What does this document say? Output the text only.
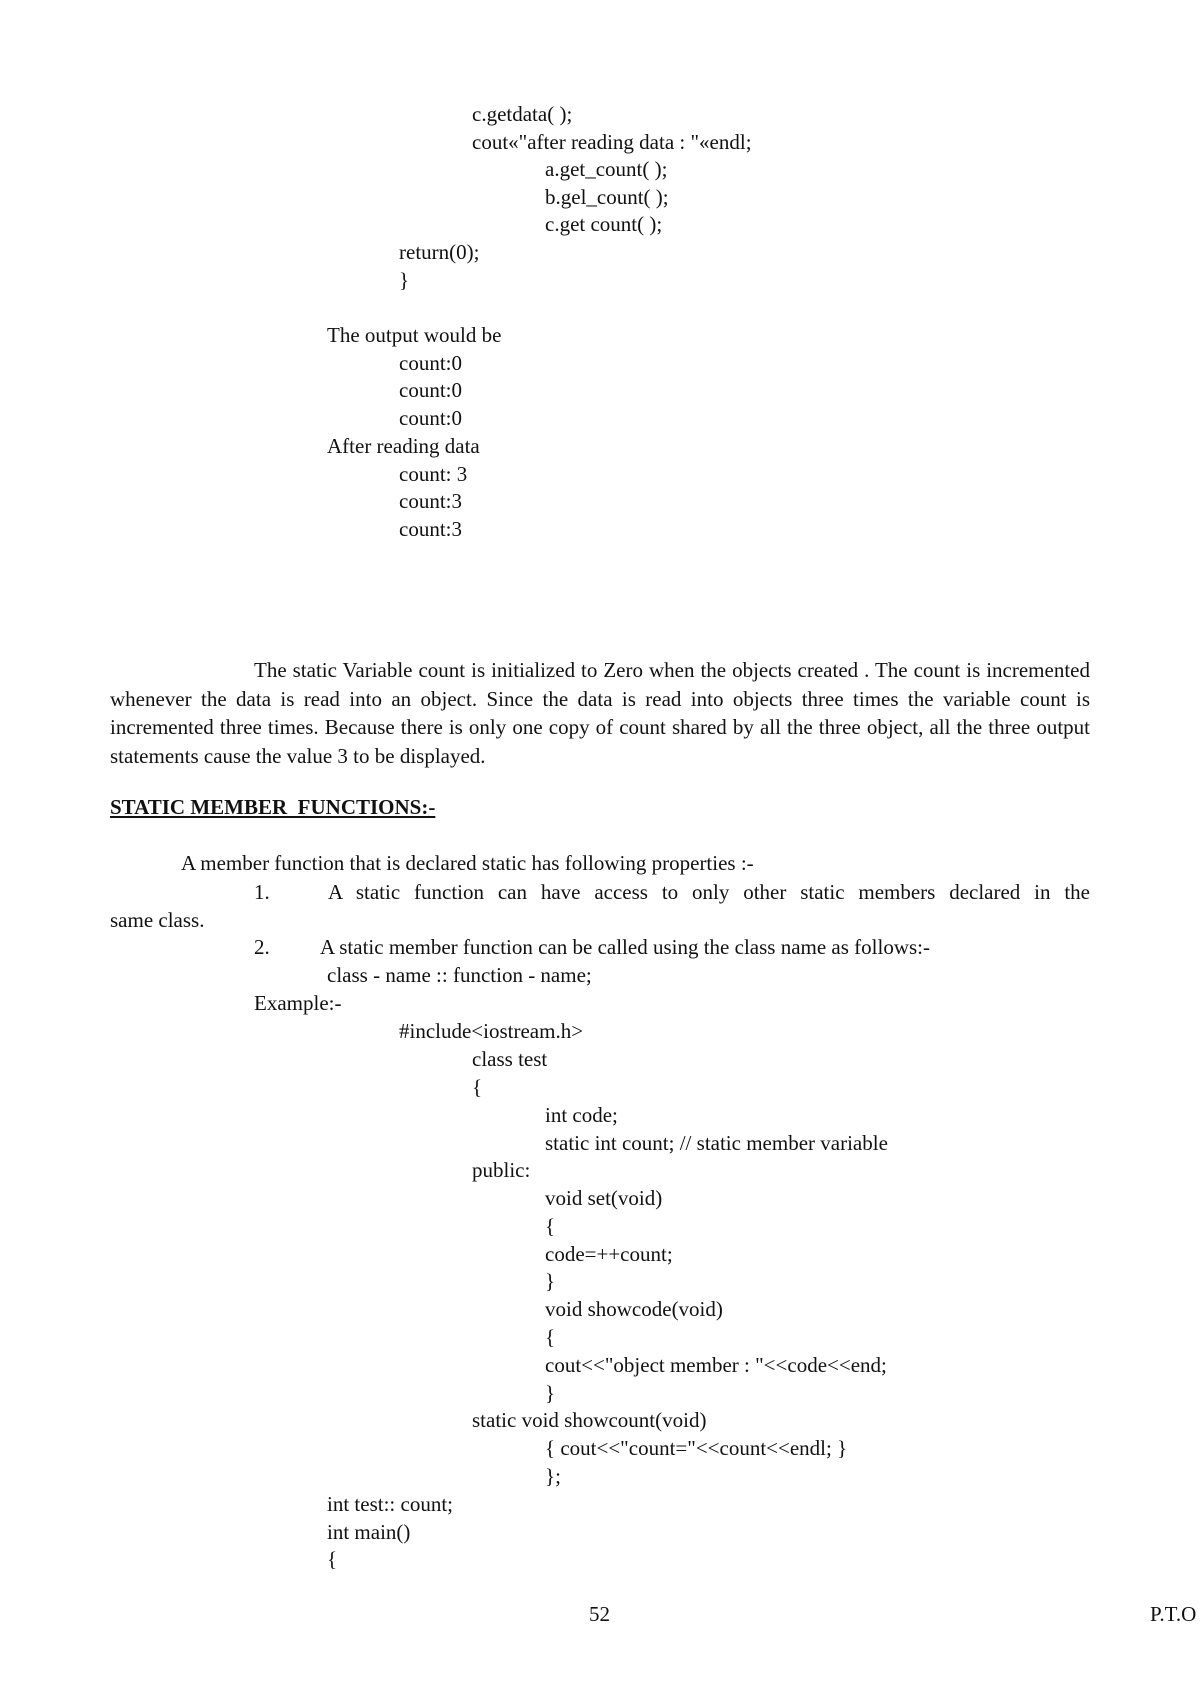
c.getdata( );
cout«"after reading data : "«endl;
a.get_count( );
b.gel_count( );
c.get count( );
return(0);
}
The output would be
count:0
count:0
count:0
After reading data
count: 3
count:3
count:3
The static Variable count is initialized to Zero when the objects created . The count is incremented whenever the data is read into an object. Since the data is read into objects three times the variable count is incremented three times. Because there is only one copy of count shared by all the three object, all the three output statements cause the value 3 to be displayed.
STATIC MEMBER  FUNCTIONS:-
A member function that is declared static has following properties :-
1.	A static function can have access to only other static members declared in the
same class.
2. A static member function can be called using the class name as follows:-
class - name :: function - name;
Example:-
#include<iostream.h>
class test
{
int code;
static int count; // static member variable
public:
void set(void)
{
code=++count;
}
void showcode(void)
{
cout<<"object member : "<<code<<end;
}
static void showcount(void)
{ cout<<"count="<<count<<endl; }
};
int test:: count;
int main()
{
52	P.T.O
